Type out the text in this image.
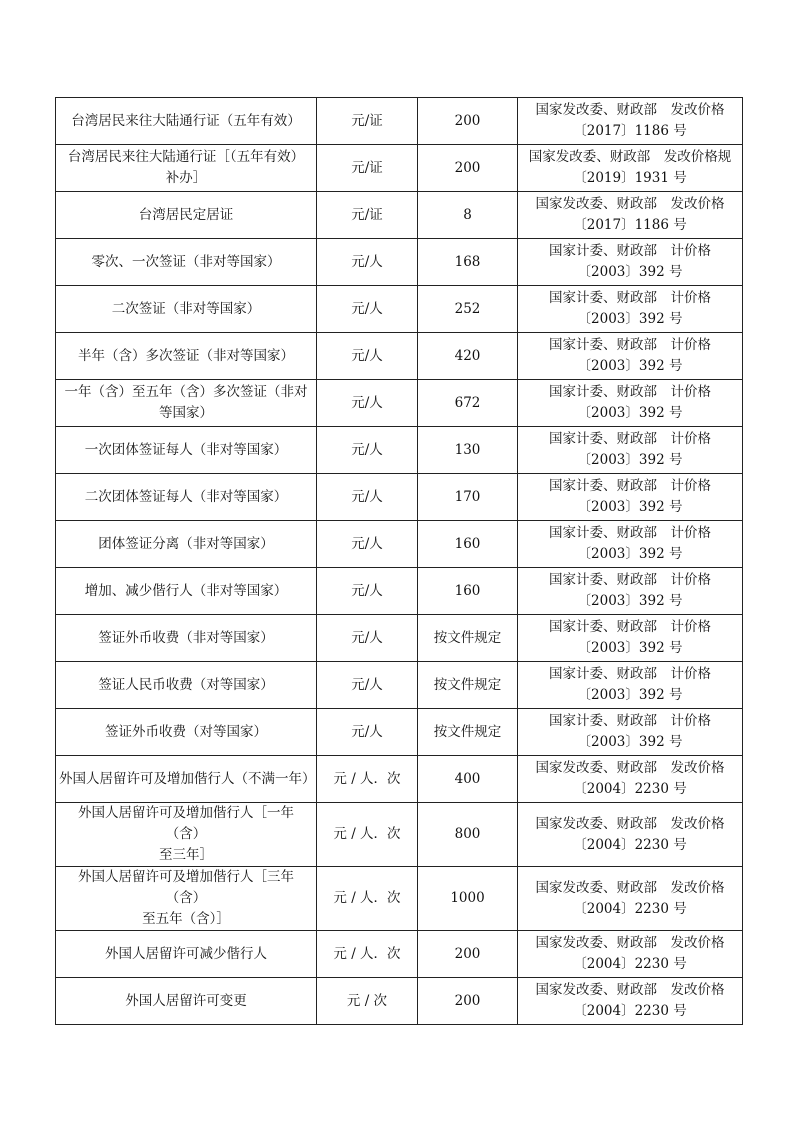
台湾居民来往大陆通行证（五年有效）	元/证	200	国家发改委、财政部　发改价格
〔2017〕1186 号

台湾居民来往大陆通行证［（五年有效）
补办］	元/证	200	国家发改委、财政部　发改价格规
〔2019〕1931 号

台湾居民定居证	元/证	8	国家发改委、财政部　发改价格
〔2017〕1186 号

零次、一次签证（非对等国家）	元/人	168	国家计委、财政部　计价格
〔2003〕392 号

二次签证（非对等国家）	元/人	252	国家计委、财政部　计价格
〔2003〕392 号

半年（含）多次签证（非对等国家）	元/人	420	国家计委、财政部　计价格
〔2003〕392 号

一年（含）至五年（含）多次签证（非对
等国家）	元/人	672	国家计委、财政部　计价格
〔2003〕392 号

一次团体签证每人（非对等国家）	元/人	130	国家计委、财政部　计价格
〔2003〕392 号

二次团体签证每人（非对等国家）	元/人	170	国家计委、财政部　计价格
〔2003〕392 号

团体签证分离（非对等国家）	元/人	160	国家计委、财政部　计价格
〔2003〕392 号

增加、减少偕行人（非对等国家）	元/人	160	国家计委、财政部　计价格
〔2003〕392 号

签证外币收费（非对等国家）	元/人	按文件规定	国家计委、财政部　计价格
〔2003〕392 号

签证人民币收费（对等国家）	元/人	按文件规定	国家计委、财政部　计价格
〔2003〕392 号

签证外币收费（对等国家）	元/人	按文件规定	国家计委、财政部　计价格
〔2003〕392 号

外国人居留许可及增加偕行人（不满一年）	元 / 人．次	400	国家发改委、财政部　发改价格
〔2004〕2230 号

外国人居留许可及增加偕行人［一年（含）
至三年］	元 / 人．次	800	国家发改委、财政部　发改价格
〔2004〕2230 号

外国人居留许可及增加偕行人［三年（含）
至五年（含）］	元 / 人．次	1000	国家发改委、财政部　发改价格
〔2004〕2230 号

外国人居留许可减少偕行人	元 / 人．次	200	国家发改委、财政部　发改价格
〔2004〕2230 号

外国人居留许可变更	元 / 次	200	国家发改委、财政部　发改价格
〔2004〕2230 号
